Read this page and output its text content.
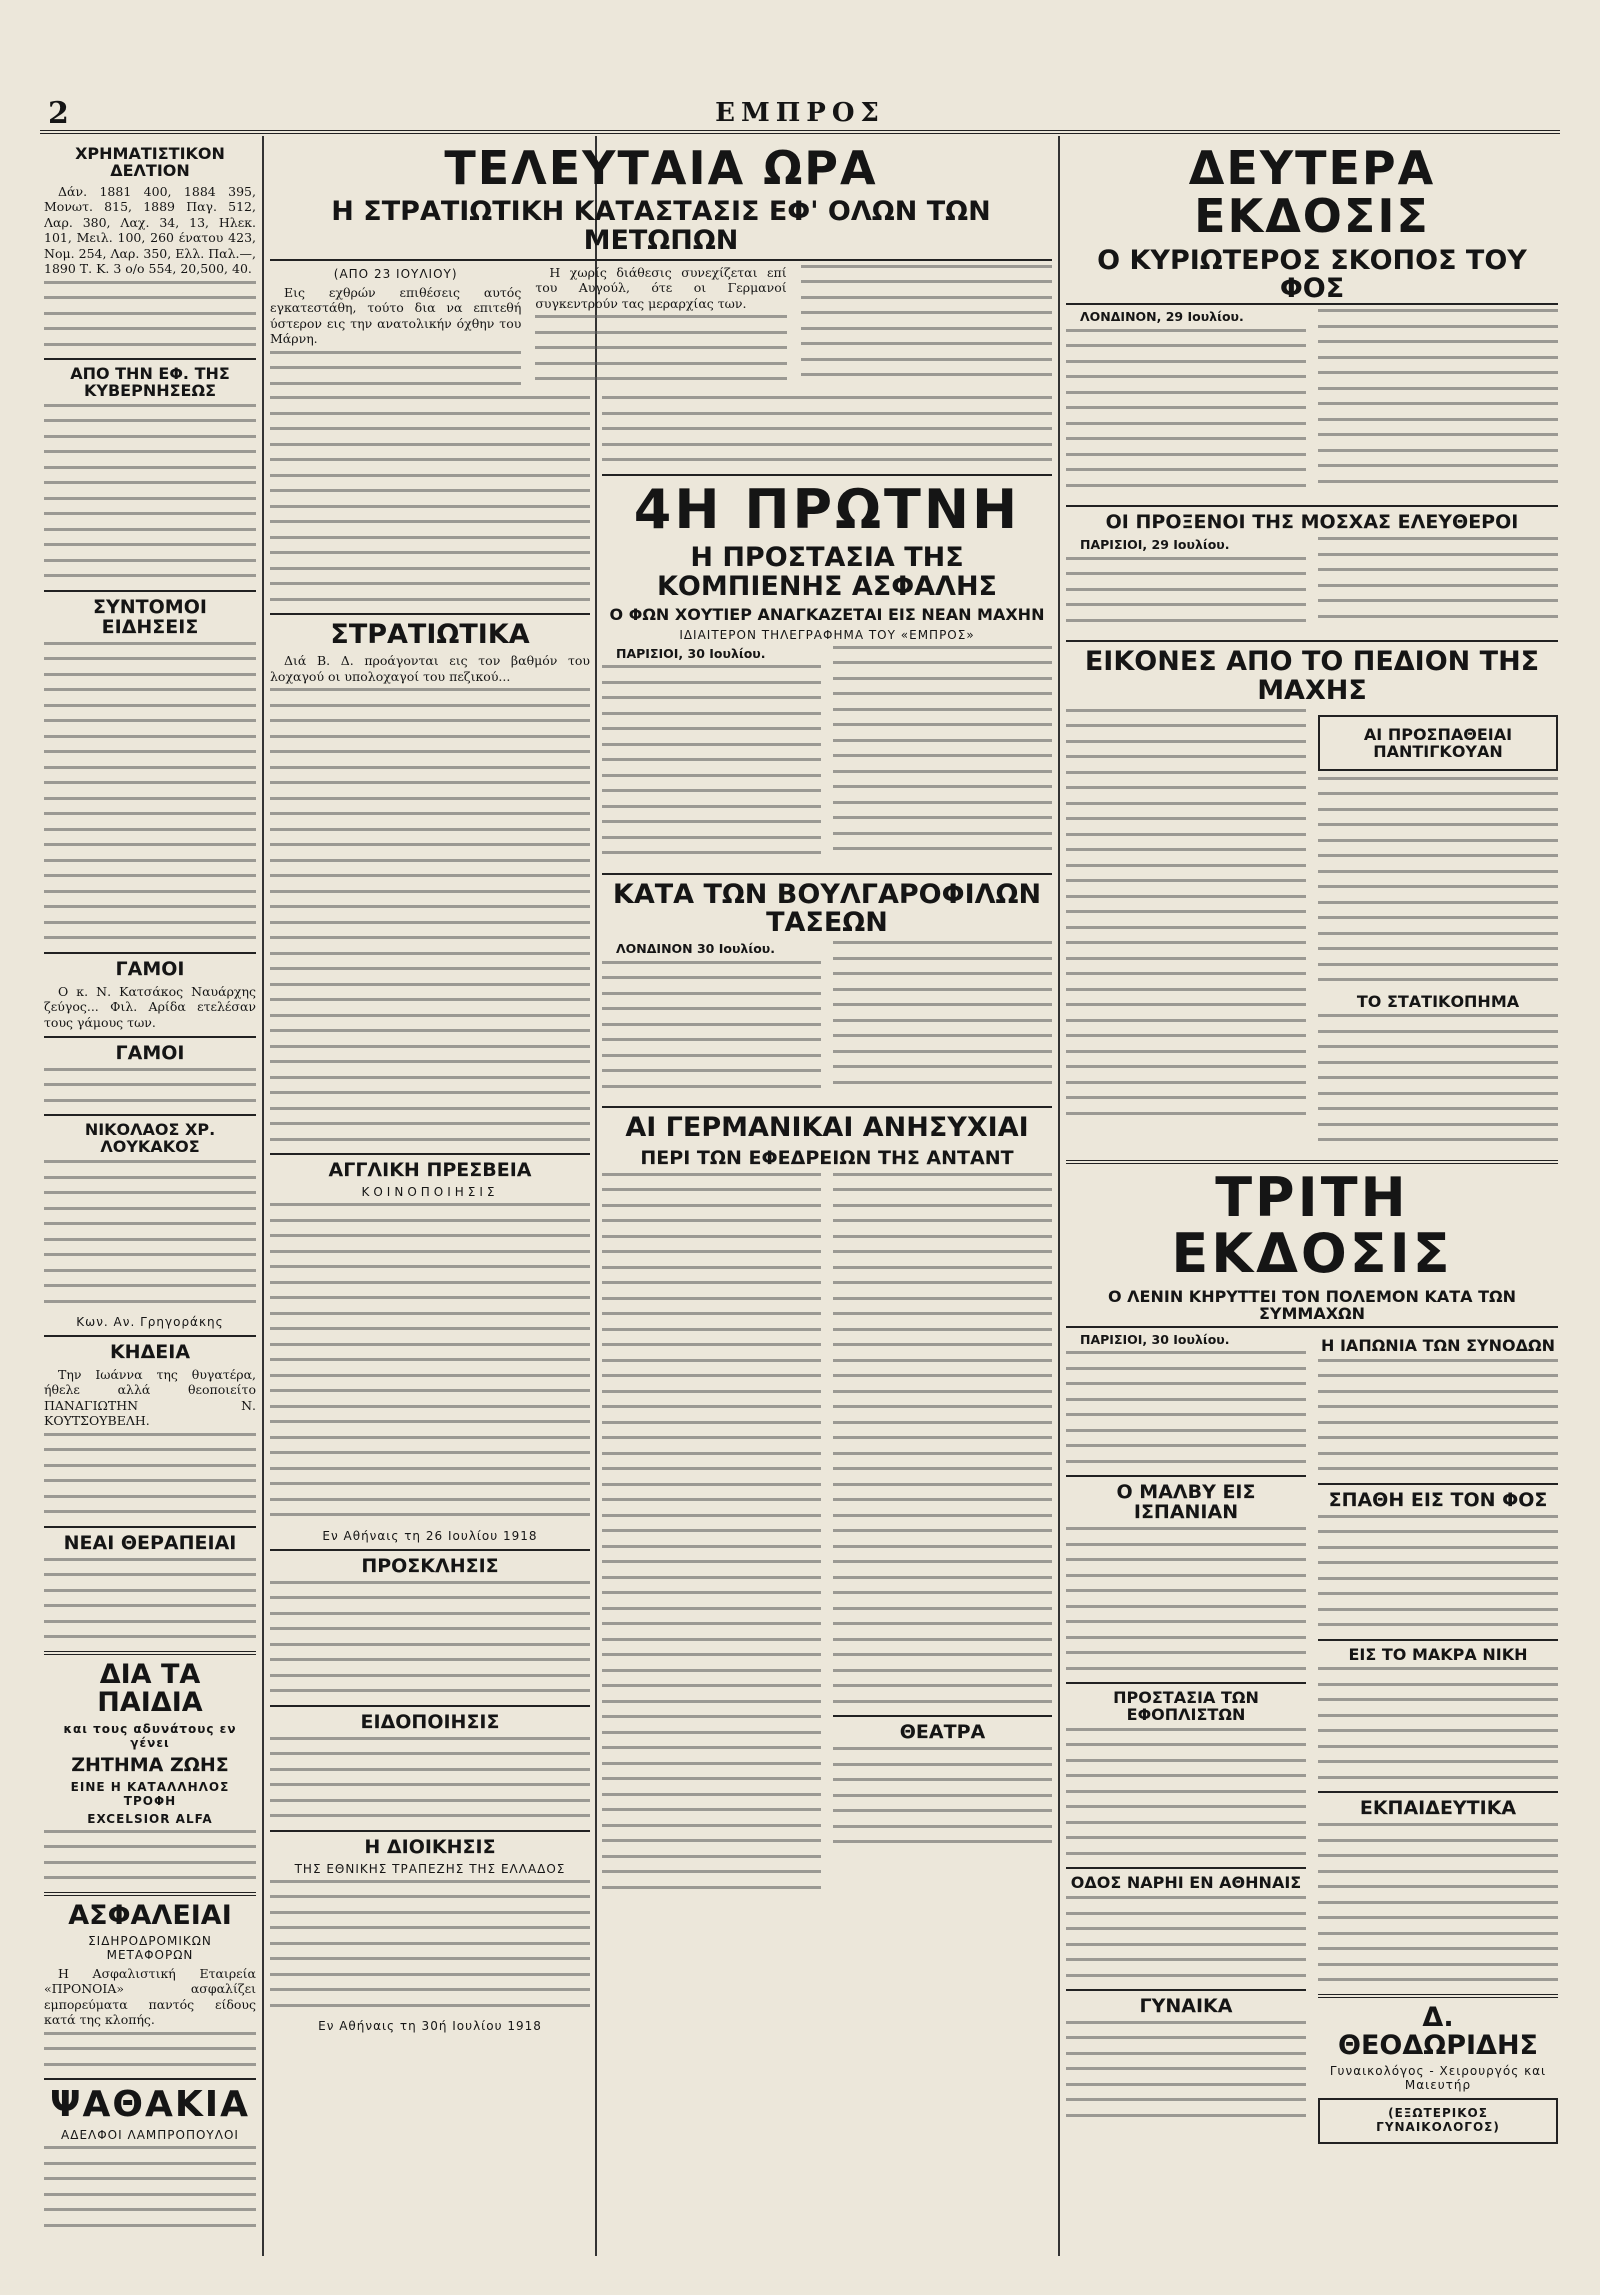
2	ΕΜΠΡΟΣ
ΧΡΗΜΑΤΙΣΤΙΚΟΝ ΔΕΛΤΙΟΝ

Δάν. 1881 400, 1884 395, Μονωτ. 815, 1889 Παγ. 512, Λαρ. 380, Λαχ. 34, 13, Ηλεκ. 101, Μειλ. 100, 260 ένατου 423, Νομ. 254, Λαρ. 350, Ελλ. Παλ.—, 1890 Τ. Κ. 3 ο/ο 554, 20,500, 40.

ΑΠΟ ΤΗΝ ΕΦ. ΤΗΣ ΚΥΒΕΡΝΗΣΕΩΣ
ΣΥΝΤΟΜΟΙ ΕΙΔΗΣΕΙΣ
ΓΑΜΟΙ

Ο κ. Ν. Κατσάκος Ναυάρχης ζεύγος... Φιλ. Αρίδα ετελέσαν τους γάμους των.

ΓΑΜΟΙ
ΝΙΚΟΛΑΟΣ ΧΡ. ΛΟΥΚΑΚΟΣ
Κων. Αν. Γρηγοράκης
ΚΗΔΕΙΑ

Την Ιωάννα της θυγατέρα, ήθελε αλλά θεοποιείτο ΠΑΝΑΓΙΩΤΗΝ Ν. ΚΟΥΤΣΟΥΒΕΛΗ.

ΝΕΑΙ ΘΕΡΑΠΕΙΑΙ
ΔΙΑ ΤΑ ΠΑΙΔΙΑ
και τους αδυνάτους εν γένει
ΖΗΤΗΜΑ ΖΩΗΣ
ΕΙΝΕ Η ΚΑΤΑΛΛΗΛΟΣ ΤΡΟΦΗ
EXCELSIOR ALFA
ΑΣΦΑΛΕΙΑΙ
ΣΙΔΗΡΟΔΡΟΜΙΚΩΝ ΜΕΤΑΦΟΡΩΝ

Η Ασφαλιστική Εταιρεία «ΠΡΟΝΟΙΑ» ασφαλίζει εμπορεύματα παντός είδους κατά της κλοπής.

ΨΑΘΑΚΙΑ
ΑΔΕΛΦΟΙ ΛΑΜΠΡΟΠΟΥΛΟΙ
ΤΕΛΕΥΤΑΙΑ ΩΡΑ
Η ΣΤΡΑΤΙΩΤΙΚΗ ΚΑΤΑΣΤΑΣΙΣ ΕΦ' ΟΛΩΝ ΤΩΝ ΜΕΤΩΠΩΝ
(ΑΠΟ 23 ΙΟΥΛΙΟΥ)

Εις εχθρών επιθέσεις αυτός εγκατεστάθη, τούτο δια να επιτεθή ύστερον εις την ανατολικήν όχθην του Μάρνη.

Η χωρίς διάθεσις συνεχίζεται επί του Αυγούλ, ότε οι Γερμανοί συγκεντρούν τας μεραρχίας των.

ΣΤΡΑΤΙΩΤΙΚΑ

Διά Β. Δ. προάγονται εις τον βαθμόν του λοχαγού οι υπολοχαγοί του πεζικού...

ΑΓΓΛΙΚΗ ΠΡΕΣΒΕΙΑ
ΚΟΙΝΟΠΟΙΗΣΙΣ
Εν Αθήναις τη 26 Ιουλίου 1918
ΠΡΟΣΚΛΗΣΙΣ
ΕΙΔΟΠΟΙΗΣΙΣ
Η ΔΙΟΙΚΗΣΙΣ
ΤΗΣ ΕΘΝΙΚΗΣ ΤΡΑΠΕΖΗΣ ΤΗΣ ΕΛΛΑΔΟΣ
Εν Αθήναις τη 30ή Ιουλίου 1918
4Η ΠΡΩΤΝΗ
Η ΠΡΟΣΤΑΣΙΑ ΤΗΣ ΚΟΜΠΙΕΝΗΣ ΑΣΦΑΛΗΣ
Ο ΦΩΝ ΧΟΥΤΙΕΡ ΑΝΑΓΚΑΖΕΤΑΙ ΕΙΣ ΝΕΑΝ ΜΑΧΗΝ
ΙΔΙΑΙΤΕΡΟΝ ΤΗΛΕΓΡΑΦΗΜΑ ΤΟΥ «ΕΜΠΡΟΣ»
ΠΑΡΙΣΙΟΙ, 30 Ιουλίου.
ΚΑΤΑ ΤΩΝ ΒΟΥΛΓΑΡΟΦΙΛΩΝ ΤΑΣΕΩΝ
ΛΟΝΔΙΝΟΝ 30 Ιουλίου.
ΑΙ ΓΕΡΜΑΝΙΚΑΙ ΑΝΗΣΥΧΙΑΙ
ΠΕΡΙ ΤΩΝ ΕΦΕΔΡΕΙΩΝ ΤΗΣ ΑΝΤΑΝΤ
ΘΕΑΤΡΑ
ΔΕΥΤΕΡΑ ΕΚΔΟΣΙΣ
Ο ΚΥΡΙΩΤΕΡΟΣ ΣΚΟΠΟΣ ΤΟΥ ΦΟΣ
ΛΟΝΔΙΝΟΝ, 29 Ιουλίου.
ΟΙ ΠΡΟΞΕΝΟΙ ΤΗΣ ΜΟΣΧΑΣ ΕΛΕΥΘΕΡΟΙ
ΠΑΡΙΣΙΟΙ, 29 Ιουλίου.
ΕΙΚΟΝΕΣ ΑΠΟ ΤΟ ΠΕΔΙΟΝ ΤΗΣ ΜΑΧΗΣ
ΑΙ ΠΡΟΣΠΑΘΕΙΑΙ ΠΑΝΤΙΓΚΟΥΑΝ
ΤΟ ΣΤΑΤΙΚΟΠΗΜΑ
ΤΡΙΤΗ ΕΚΔΟΣΙΣ
Ο ΛΕΝΙΝ ΚΗΡΥΤΤΕΙ ΤΟΝ ΠΟΛΕΜΟΝ ΚΑΤΑ ΤΩΝ ΣΥΜΜΑΧΩΝ
ΠΑΡΙΣΙΟΙ, 30 Ιουλίου.
Ο ΜΑΛΒΥ ΕΙΣ ΙΣΠΑΝΙΑΝ
ΠΡΟΣΤΑΣΙΑ ΤΩΝ ΕΦΟΠΛΙΣΤΩΝ
ΟΔΟΣ ΝΑΡΗΙ ΕΝ ΑΘΗΝΑΙΣ
ΓΥΝΑΙΚΑ
Η ΙΑΠΩΝΙΑ ΤΩΝ ΣΥΝΟΔΩΝ
ΣΠΑΘΗ ΕΙΣ ΤΟΝ ΦΟΣ
ΕΙΣ ΤΟ ΜΑΚΡΑ ΝΙΚΗ
ΕΚΠΑΙΔΕΥΤΙΚΑ
Δ. ΘΕΟΔΩΡΙΔΗΣ
Γυναικολόγος - Χειρουργός και Μαιευτήρ
(ΕΞΩΤΕΡΙΚΟΣ ΓΥΝΑΙΚΟΛΟΓΟΣ)
